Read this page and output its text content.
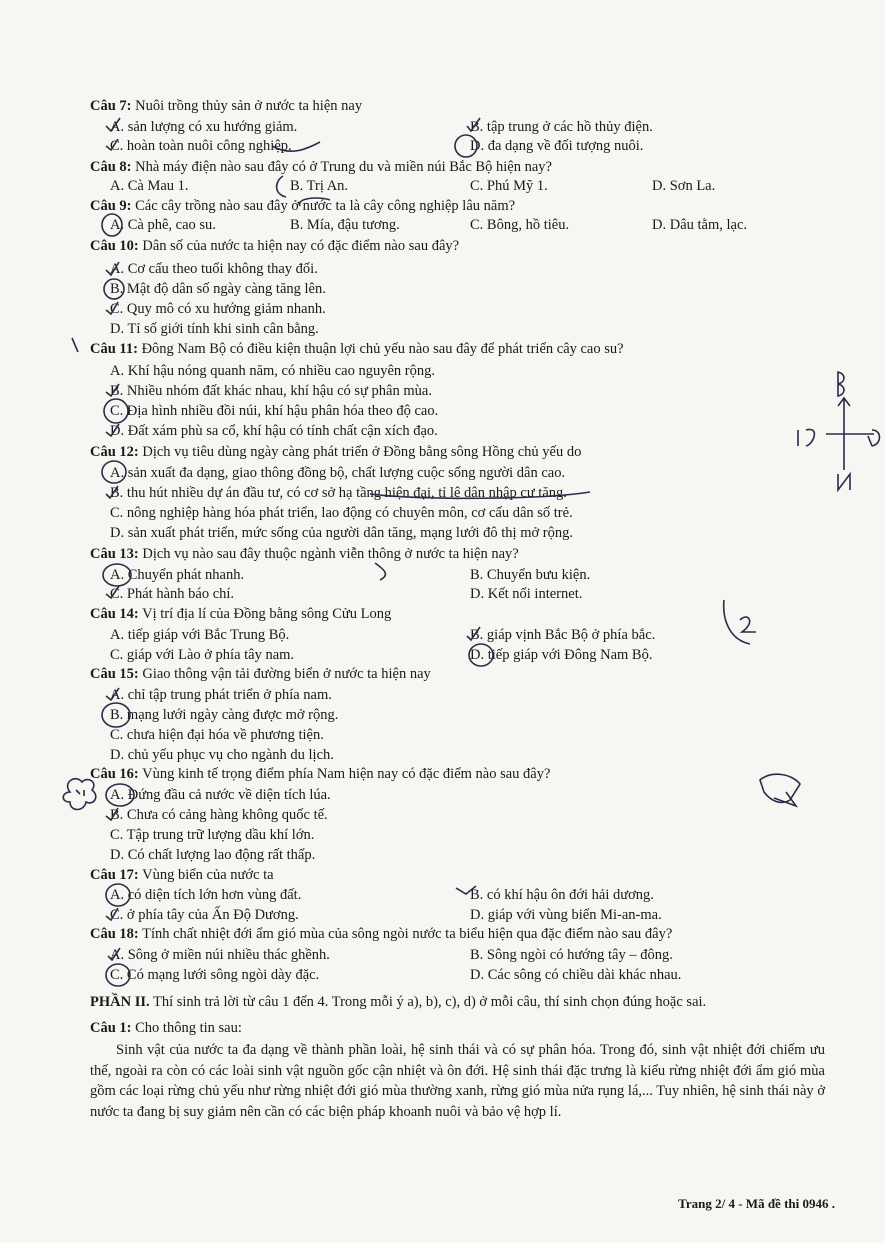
Câu 7: Nuôi trồng thủy sản ở nước ta hiện nay
A. sản lượng có xu hướng giảm.	B. tập trung ở các hồ thủy điện.
C. hoàn toàn nuôi công nghiệp.	D. đa dạng về đối tượng nuôi.
Câu 8: Nhà máy điện nào sau đây có ở Trung du và miền núi Bắc Bộ hiện nay?
A. Cà Mau 1.	B. Trị An.	C. Phú Mỹ 1.	D. Sơn La.
Câu 9: Các cây trồng nào sau đây ở nước ta là cây công nghiệp lâu năm?
A. Cà phê, cao su.	B. Mía, đậu tương.	C. Bông, hồ tiêu.	D. Dâu tằm, lạc.
Câu 10: Dân số của nước ta hiện nay có đặc điểm nào sau đây?
A. Cơ cấu theo tuổi không thay đổi.
B. Mật độ dân số ngày càng tăng lên.
C. Quy mô có xu hướng giảm nhanh.
D. Tỉ số giới tính khi sinh cân bằng.
Câu 11: Đông Nam Bộ có điều kiện thuận lợi chủ yếu nào sau đây để phát triển cây cao su?
A. Khí hậu nóng quanh năm, có nhiều cao nguyên rộng.
B. Nhiều nhóm đất khác nhau, khí hậu có sự phân mùa.
C. Địa hình nhiều đồi núi, khí hậu phân hóa theo độ cao.
D. Đất xám phù sa cổ, khí hậu có tính chất cận xích đạo.
Câu 12: Dịch vụ tiêu dùng ngày càng phát triển ở Đồng bằng sông Hồng chủ yếu do
A. sản xuất đa dạng, giao thông đồng bộ, chất lượng cuộc sống người dân cao.
B. thu hút nhiều dự án đầu tư, có cơ sở hạ tầng hiện đại, tỉ lệ dân nhập cư tăng.
C. nông nghiệp hàng hóa phát triển, lao động có chuyên môn, cơ cấu dân số trẻ.
D. sản xuất phát triển, mức sống của người dân tăng, mạng lưới đô thị mở rộng.
Câu 13: Dịch vụ nào sau đây thuộc ngành viễn thông ở nước ta hiện nay?
A. Chuyển phát nhanh.	B. Chuyển bưu kiện.
C. Phát hành báo chí.	D. Kết nối internet.
Câu 14: Vị trí địa lí của Đồng bằng sông Cửu Long
A. tiếp giáp với Bắc Trung Bộ.	B. giáp vịnh Bắc Bộ ở phía bắc.
C. giáp với Lào ở phía tây nam.	D. tiếp giáp với Đông Nam Bộ.
Câu 15: Giao thông vận tải đường biển ở nước ta hiện nay
A. chỉ tập trung phát triển ở phía nam.
B. mạng lưới ngày càng được mở rộng.
C. chưa hiện đại hóa về phương tiện.
D. chủ yếu phục vụ cho ngành du lịch.
Câu 16: Vùng kinh tế trọng điểm phía Nam hiện nay có đặc điểm nào sau đây?
A. Đứng đầu cả nước về diện tích lúa.
B. Chưa có cảng hàng không quốc tế.
C. Tập trung trữ lượng dầu khí lớn.
D. Có chất lượng lao động rất thấp.
Câu 17: Vùng biển của nước ta
A. có diện tích lớn hơn vùng đất.	B. có khí hậu ôn đới hải dương.
C. ở phía tây của Ấn Độ Dương.	D. giáp với vùng biển Mi-an-ma.
Câu 18: Tính chất nhiệt đới ẩm gió mùa của sông ngòi nước ta biểu hiện qua đặc điểm nào sau đây?
A. Sông ở miền núi nhiều thác ghềnh.	B. Sông ngòi có hướng tây – đông.
C. Có mạng lưới sông ngòi dày đặc.	D. Các sông có chiều dài khác nhau.
PHẦN II. Thí sinh trả lời từ câu 1 đến 4. Trong mỗi ý a), b), c), d) ở mỗi câu, thí sinh chọn đúng hoặc sai.
Câu 1: Cho thông tin sau:
Sinh vật của nước ta đa dạng về thành phần loài, hệ sinh thái và có sự phân hóa. Trong đó, sinh vật nhiệt đới chiếm ưu thế, ngoài ra còn có các loài sinh vật nguồn gốc cận nhiệt và ôn đới. Hệ sinh thái đặc trưng là kiểu rừng nhiệt đới ẩm gió mùa gồm các loại rừng chủ yếu như rừng nhiệt đới gió mùa thường xanh, rừng gió mùa nửa rụng lá,... Tuy nhiên, hệ sinh thái này ở nước ta đang bị suy giảm nên cần có các biện pháp khoanh nuôi và bảo vệ hợp lí.
Trang 2/ 4 - Mã đề thi 0946 .
